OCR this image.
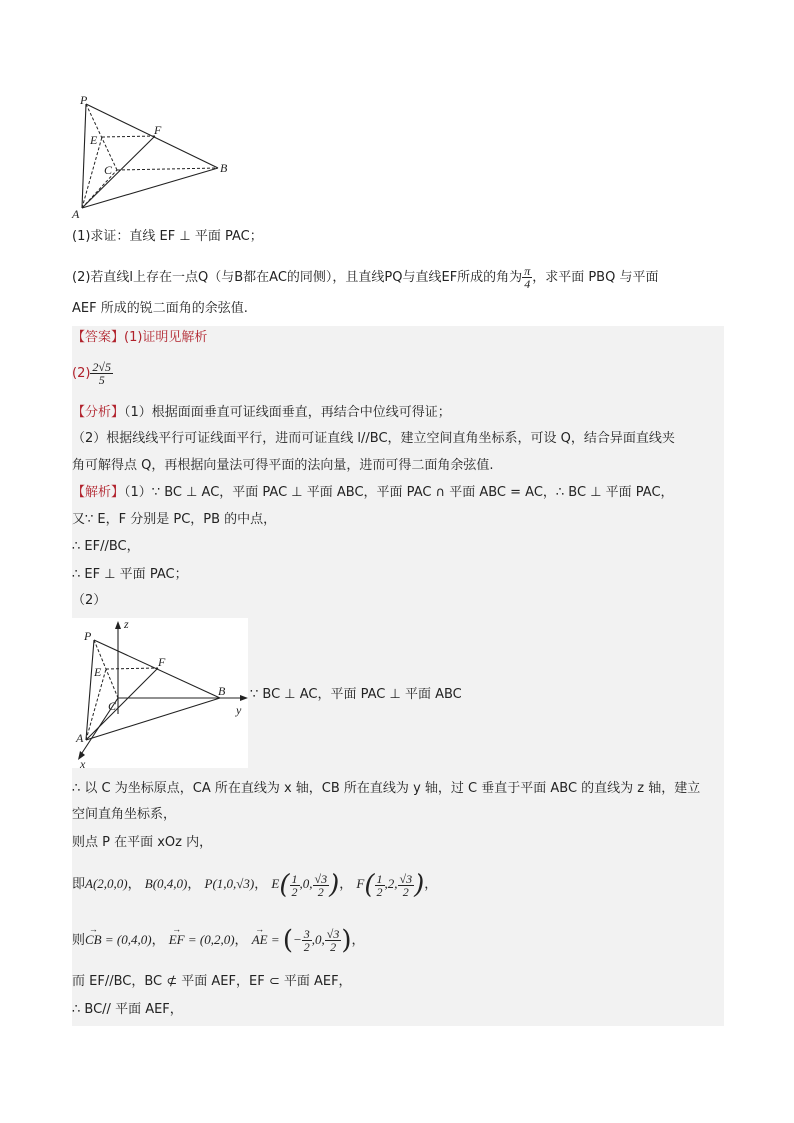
P
E
F
C	B
A
(1)求证：直线 EF ⊥ 平面 PAC；
(2)若直线l上存在一点Q（与B都在AC的同侧），且直线PQ与直线EF所成的角为 $\frac{\pi}{4}$ ，求平面 PBQ 与平面
AEF 所成的锐二面角的余弦值.
【答案】(1)证明见解析
$(2) \frac{2√5}{5}$
【分析】（1）根据面面垂直可证线面垂直，再结合中位线可得证；
（2）根据线线平行可证线面平行，进而可证直线 l//BC，建立空间直角坐标系，可设 Q，结合异面直线夹
角可解得点 Q，再根据向量法可得平面的法向量，进而可得二面角余弦值.
【解析】（1）∵ BC ⊥ AC，平面 PAC ⊥ 平面 ABC，平面 PAC ∩ 平面 ABC = AC，∴ BC ⊥ 平面 PAC，
又∵ E，F 分别是 PC，PB 的中点，
∴ EF//BC，
∴ EF ⊥ 平面 PAC；
（2）
z
P
F
E
C
B
y
A
x
∵ BC ⊥ AC，平面 PAC ⊥ 平面 ABC
∴ 以 C 为坐标原点，CA 所在直线为 x 轴，CB 所在直线为 y 轴，过 C 垂直于平面 ABC 的直线为 z 轴，建立
空间直角坐标系，
则点 P 在平面 xOz 内，
即A(2,0,0)， B(0,4,0)， P(1,0,√3)， $E( \frac{1}{2} ,0$, $\frac{√3}{2}$ )， $F( \frac{1}{2} ,2$, $\frac{√3}{2}$ )，
则→ CB = (0,4,0)， → EF = (0,2,0)， → AE = (− $\frac{3}{2} ,0$, $\frac{√3}{2}$ )，
而 EF//BC，BC ⊄ 平面 AEF，EF ⊂ 平面 AEF，
∴ BC// 平面 AEF，
